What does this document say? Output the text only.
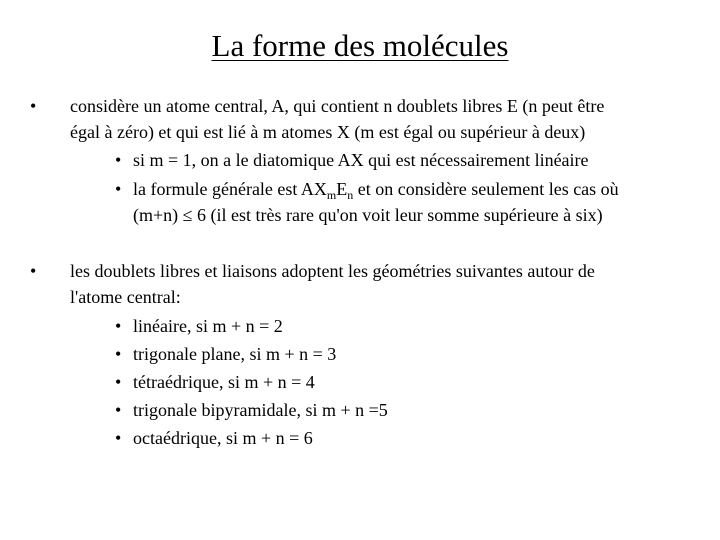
La forme des molécules
• considère un atome central, A, qui contient n doublets libres E (n peut être
égal à zéro) et qui est lié à m atomes X (m est égal ou supérieur à deux)
• si m = 1, on a le diatomique AX qui est nécessairement linéaire
• la formule générale est $AX_mE_n$ et on considère seulement les cas où
(m+n) ≤ 6 (il est très rare qu'on voit leur somme supérieure à six)
• les doublets libres et liaisons adoptent les géométries suivantes autour de
l'atome central:
• linéaire, si m + n = 2
• trigonale plane, si m + n = 3
• tétraédrique, si m + n = 4
• trigonale bipyramidale, si m + n =5
• octaédrique, si m + n = 6
